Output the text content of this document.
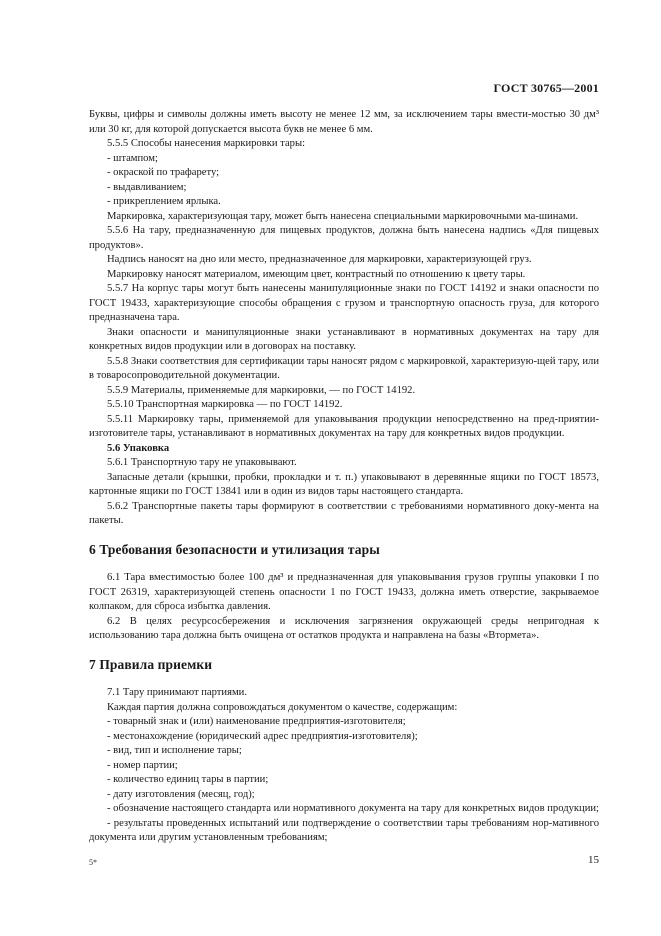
ГОСТ 30765—2001

Буквы, цифры и символы должны иметь высоту не менее 12 мм, за исключением тары вмести-мостью 30 дм³ или 30 кг, для которой допускается высота букв не менее 6 мм.

5.5.5 Способы нанесения маркировки тары:

- штампом;

- окраской по трафарету;

- выдавливанием;

- прикреплением ярлыка.

Маркировка, характеризующая тару, может быть нанесена специальными маркировочными ма-шинами.

5.5.6 На тару, предназначенную для пищевых продуктов, должна быть нанесена надпись «Для пищевых продуктов».

Надпись наносят на дно или место, предназначенное для маркировки, характеризующей груз.

Маркировку наносят материалом, имеющим цвет, контрастный по отношению к цвету тары.

5.5.7 На корпус тары могут быть нанесены манипуляционные знаки по ГОСТ 14192 и знаки опасности по ГОСТ 19433, характеризующие способы обращения с грузом и транспортную опасность груза, для которого предназначена тара.

Знаки опасности и манипуляционные знаки устанавливают в нормативных документах на тару для конкретных видов продукции или в договорах на поставку.

5.5.8 Знаки соответствия для сертификации тары наносят рядом с маркировкой, характеризую-щей тару, или в товаросопроводительной документации.

5.5.9 Материалы, применяемые для маркировки, — по ГОСТ 14192.

5.5.10 Транспортная маркировка — по ГОСТ 14192.

5.5.11 Маркировку тары, применяемой для упаковывания продукции непосредственно на пред-приятии-изготовителе тары, устанавливают в нормативных документах на тару для конкретных видов продукции.

5.6 Упаковка

5.6.1 Транспортную тару не упаковывают.

Запасные детали (крышки, пробки, прокладки и т. п.) упаковывают в деревянные ящики по ГОСТ 18573, картонные ящики по ГОСТ 13841 или в один из видов тары настоящего стандарта.

5.6.2 Транспортные пакеты тары формируют в соответствии с требованиями нормативного доку-мента на пакеты.

6 Требования безопасности и утилизация тары

6.1 Тара вместимостью более 100 дм³ и предназначенная для упаковывания грузов группы упаковки I по ГОСТ 26319, характеризующей степень опасности 1 по ГОСТ 19433, должна иметь отверстие, закрываемое колпаком, для сброса избытка давления.

6.2 В целях ресурсосбережения и исключения загрязнения окружающей среды непригодная к использованию тара должна быть очищена от остатков продукта и направлена на базы «Втормета».

7 Правила приемки

7.1 Тару принимают партиями.

Каждая партия должна сопровождаться документом о качестве, содержащим:

- товарный знак и (или) наименование предприятия-изготовителя;

- местонахождение (юридический адрес предприятия-изготовителя);

- вид, тип и исполнение тары;

- номер партии;

- количество единиц тары в партии;

- дату изготовления (месяц, год);

- обозначение настоящего стандарта или нормативного документа на тару для конкретных видов продукции;

- результаты проведенных испытаний или подтверждение о соответствии тары требованиям нор-мативного документа или другим установленным требованиям;

5*	15
